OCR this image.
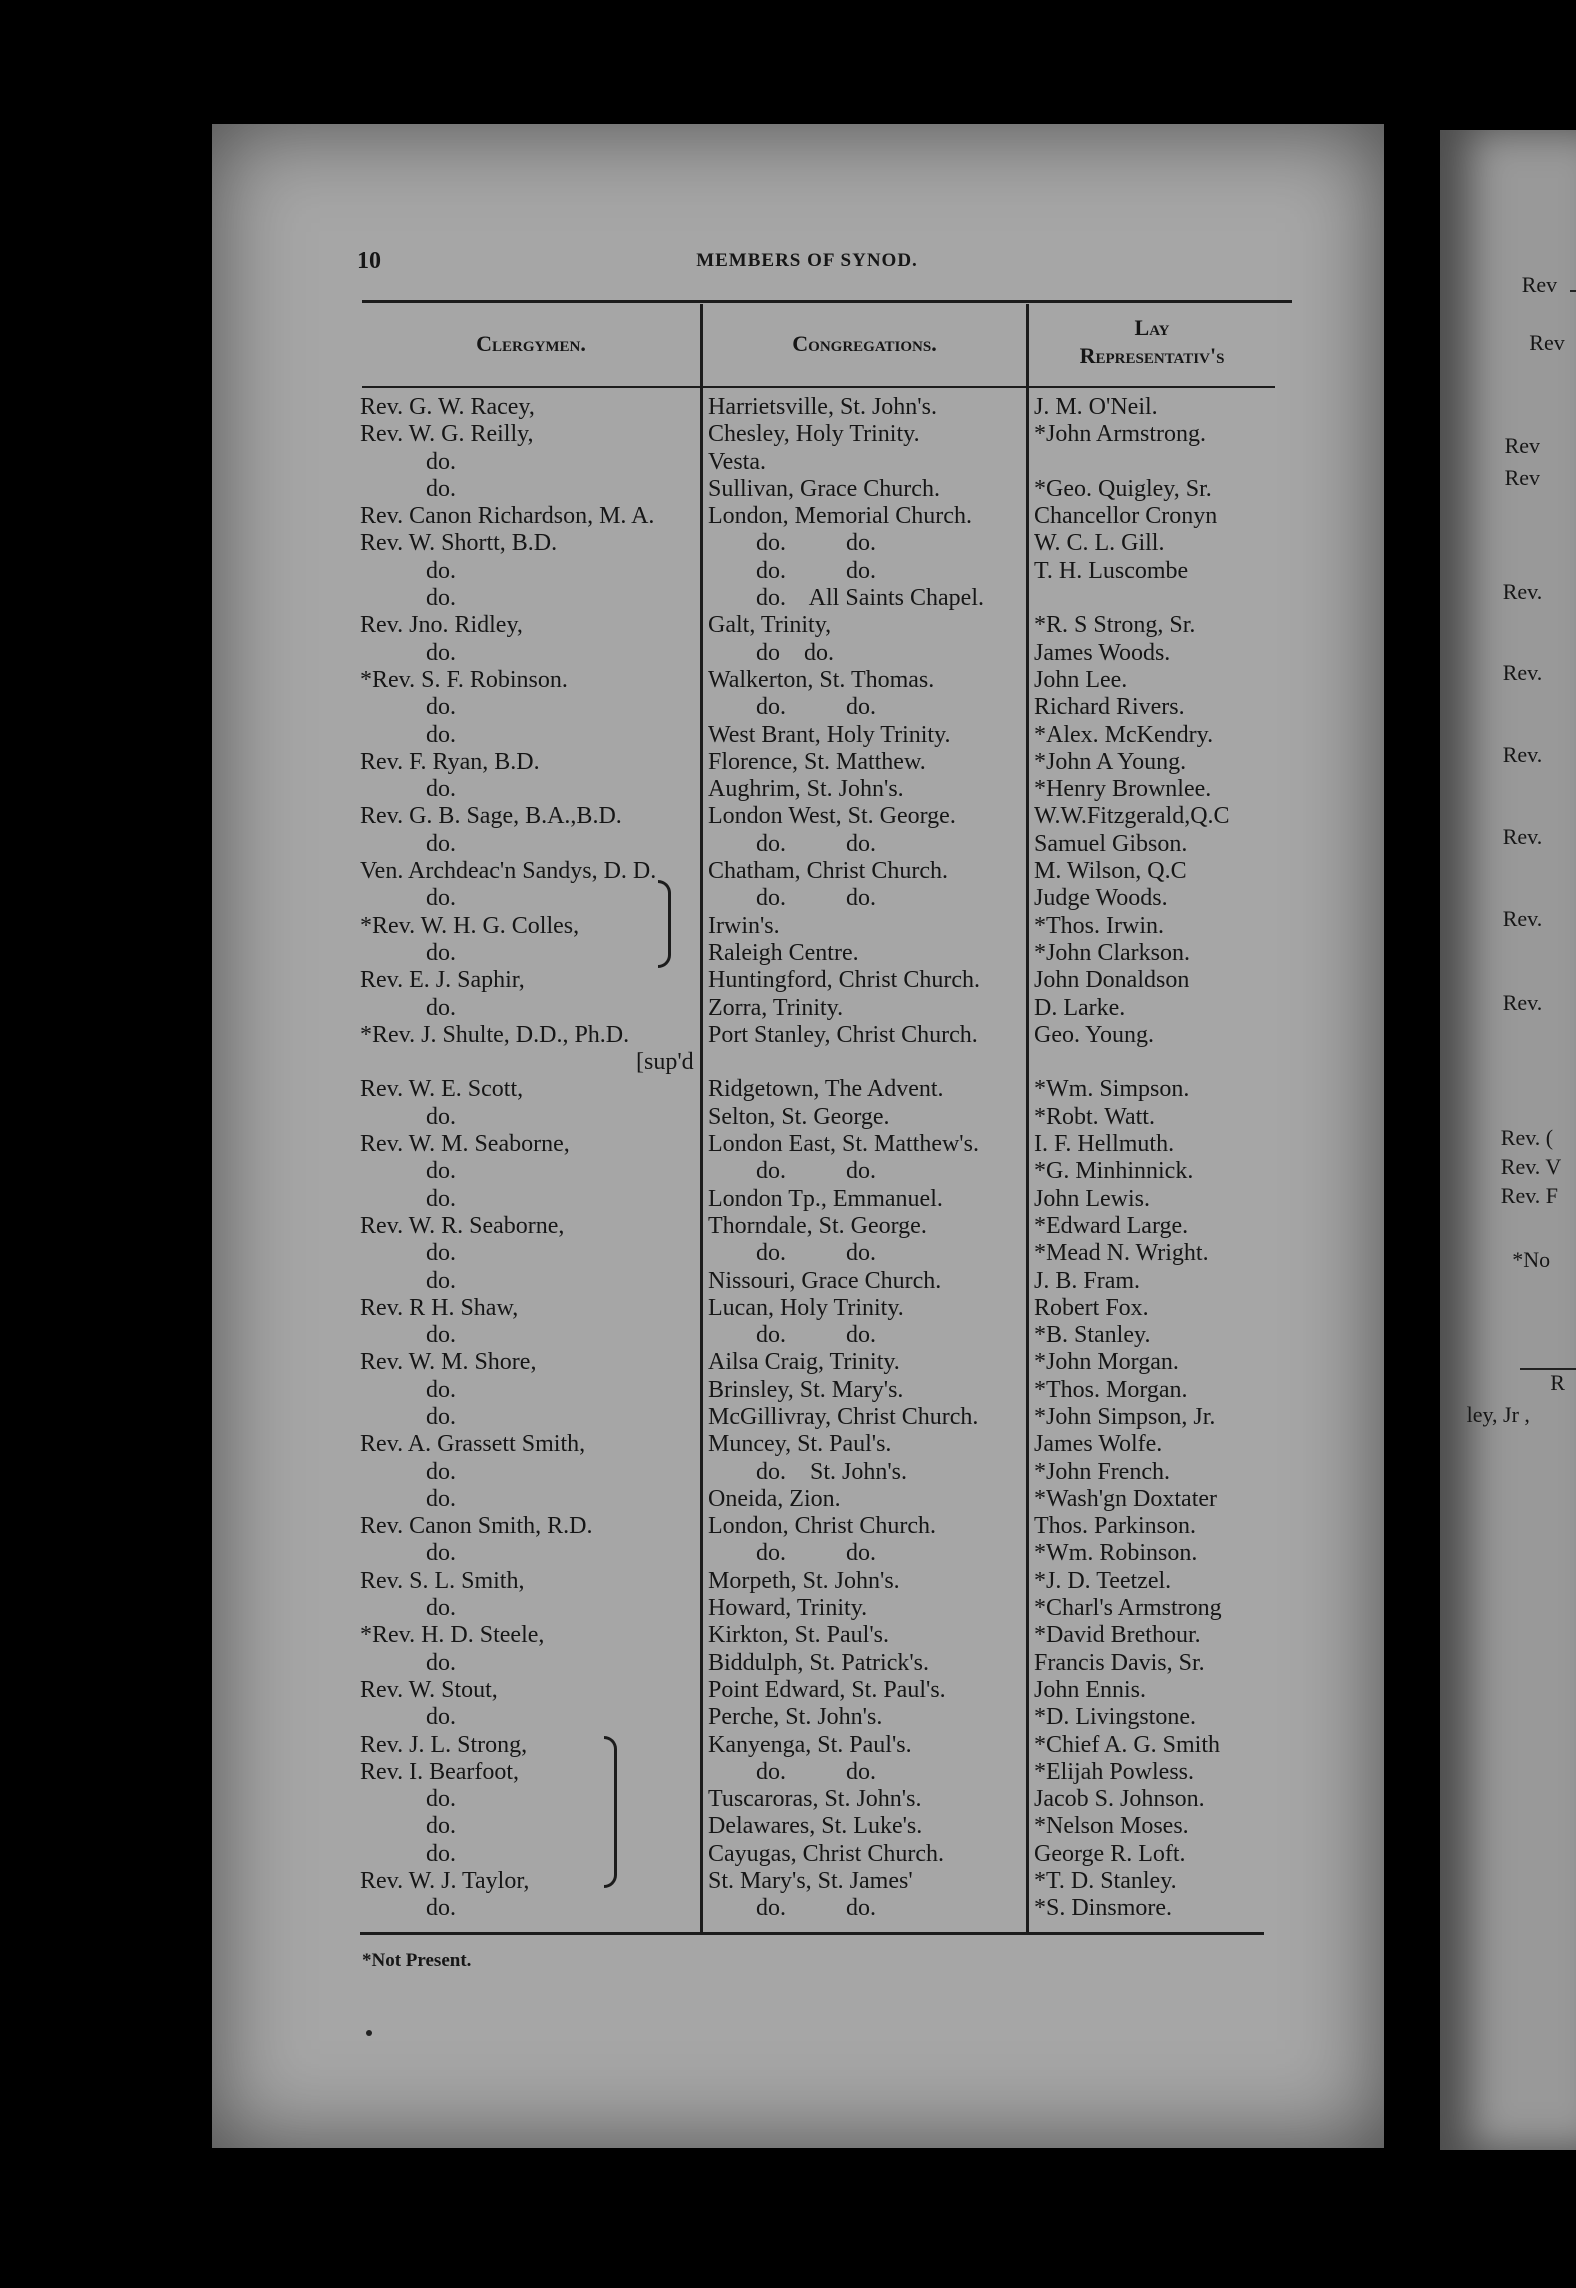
10	MEMBERS OF SYNOD.
Clergymen.	Congregations.
Lay
Representativ's
Rev. G. W. Racey,
Rev. W. G. Reilly,
do.
do.
Rev. Canon Richardson, M. A.
Rev. W. Shortt, B.D.
do.
do.
Rev. Jno. Ridley,
do.
*Rev. S. F. Robinson.
do.
do.
Rev. F. Ryan, B.D.
do.
Rev. G. B. Sage, B.A.,B.D.
do.
Ven. Archdeac'n Sandys, D. D.
do.
*Rev. W. H. G. Colles,
do.
Rev. E. J. Saphir,
do.
*Rev. J. Shulte, D.D., Ph.D.
[sup'd
Rev. W. E. Scott,
do.
Rev. W. M. Seaborne,
do.
do.
Rev. W. R. Seaborne,
do.
do.
Rev. R H. Shaw,
do.
Rev. W. M. Shore,
do.
do.
Rev. A. Grassett Smith,
do.
do.
Rev. Canon Smith, R.D.
do.
Rev. S. L. Smith,
do.
*Rev. H. D. Steele,
do.
Rev. W. Stout,
do.
Rev. J. L. Strong,
Rev. I. Bearfoot,
do.
do.
do.
Rev. W. J. Taylor,
do.
Harrietsville, St. John's.
Chesley, Holy Trinity.
Vesta.
Sullivan, Grace Church.
London, Memorial Church.
do.          do.
do.          do.
do.    All Saints Chapel.
Galt, Trinity,
do    do.
Walkerton, St. Thomas.
do.          do.
West Brant, Holy Trinity.
Florence, St. Matthew.
Aughrim, St. John's.
London West, St. George.
do.          do.
Chatham, Christ Church.
do.          do.
Irwin's.
Raleigh Centre.
Huntingford, Christ Church.
Zorra, Trinity.
Port Stanley, Christ Church.
Ridgetown, The Advent.
Selton, St. George.
London East, St. Matthew's.
do.          do.
London Tp., Emmanuel.
Thorndale, St. George.
do.          do.
Nissouri, Grace Church.
Lucan, Holy Trinity.
do.          do.
Ailsa Craig, Trinity.
Brinsley, St. Mary's.
McGillivray, Christ Church.
Muncey, St. Paul's.
do.    St. John's.
Oneida, Zion.
London, Christ Church.
do.          do.
Morpeth, St. John's.
Howard, Trinity.
Kirkton, St. Paul's.
Biddulph, St. Patrick's.
Point Edward, St. Paul's.
Perche, St. John's.
Kanyenga, St. Paul's.
do.          do.
Tuscaroras, St. John's.
Delawares, St. Luke's.
Cayugas, Christ Church.
St. Mary's, St. James'
do.          do.
J. M. O'Neil.
*John Armstrong.
*Geo. Quigley, Sr.
Chancellor Cronyn
W. C. L. Gill.
T. H. Luscombe
*R. S Strong, Sr.
James Woods.
John Lee.
Richard Rivers.
*Alex. McKendry.
*John A Young.
*Henry Brownlee.
W.W.Fitzgerald,Q.C
Samuel Gibson.
M. Wilson, Q.C
Judge Woods.
*Thos. Irwin.
*John Clarkson.
John Donaldson
D. Larke.
Geo. Young.
*Wm. Simpson.
*Robt. Watt.
I. F. Hellmuth.
*G. Minhinnick.
John Lewis.
*Edward Large.
*Mead N. Wright.
J. B. Fram.
Robert Fox.
*B. Stanley.
*John Morgan.
*Thos. Morgan.
*John Simpson, Jr.
James Wolfe.
*John French.
*Wash'gn Doxtater
Thos. Parkinson.
*Wm. Robinson.
*J. D. Teetzel.
*Charl's Armstrong
*David Brethour.
Francis Davis, Sr.
John Ennis.
*D. Livingstone.
*Chief A. G. Smith
*Elijah Powless.
Jacob S. Johnson.
*Nelson Moses.
George R. Loft.
*T. D. Stanley.
*S. Dinsmore.
*Not Present.
Rev
Rev
Rev
Rev
Rev.
Rev.
Rev.
Rev.
Rev.
Rev.
Rev. (
Rev. V
Rev. F
*No
R
ley, Jr ,
